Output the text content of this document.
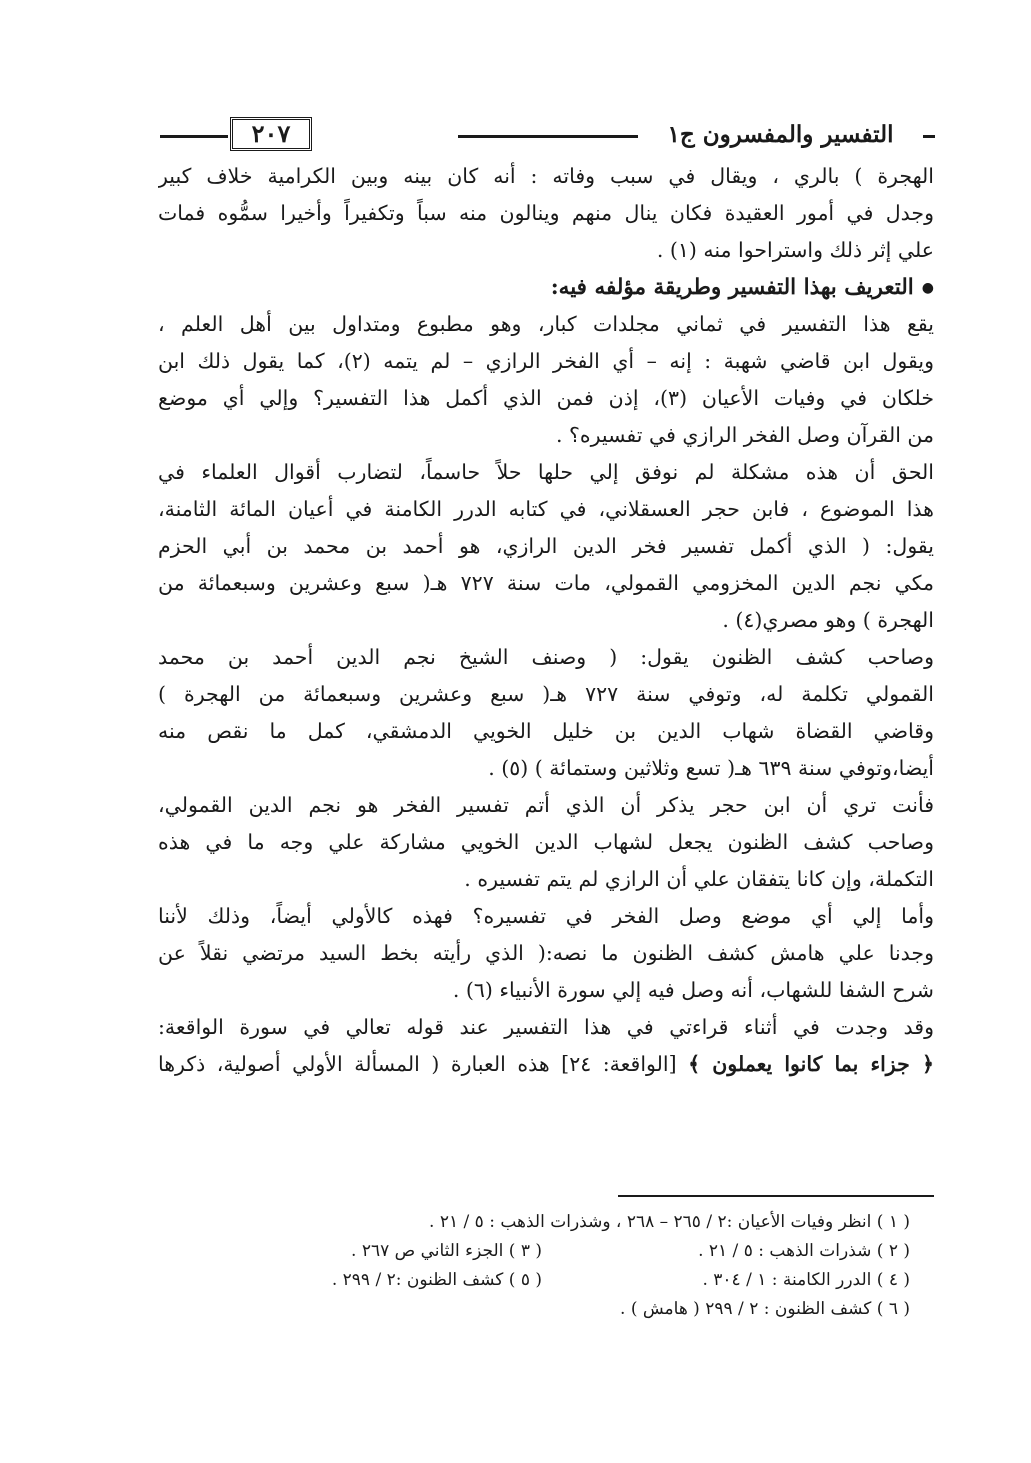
٢٠٧	التفسير والمفسرون ج١
الهجرة ) بالري ، ويقال في سبب وفاته : أنه كان بينه وبين الكرامية خلاف كبير
وجدل في أمور العقيدة فكان ينال منهم وينالون منه سباً وتكفيراً وأخيرا سمُّوه فمات
علي إثر ذلك واستراحوا منه (١) .
●التعريف بهذا التفسير وطريقة مؤلفه فيه:
يقع هذا التفسير في ثماني مجلدات كبار، وهو مطبوع ومتداول بين أهل العلم ،
ويقول ابن قاضي شهبة : إنه – أي الفخر الرازي – لم يتمه (٢)، كما يقول ذلك ابن
خلكان في وفيات الأعيان (٣)، إذن فمن الذي أكمل هذا التفسير؟ وإلي أي موضع
من القرآن وصل الفخر الرازي في تفسيره؟ .
الحق أن هذه مشكلة لم نوفق إلي حلها حلاً حاسماً، لتضارب أقوال العلماء في
هذا الموضوع ، فابن حجر العسقلاني، في كتابه الدرر الكامنة في أعيان المائة الثامنة،
يقول: ( الذي أكمل تفسير فخر الدين الرازي، هو أحمد بن محمد بن أبي الحزم
مكي نجم الدين المخزومي القمولي، مات سنة ٧٢٧ هـ( سبع وعشرين وسبعمائة من
الهجرة ) وهو مصري(٤) .
وصاحب كشف الظنون يقول: ( وصنف الشيخ نجم الدين أحمد بن محمد
القمولي تكلمة له، وتوفي سنة ٧٢٧ هـ( سبع وعشرين وسبعمائة من الهجرة )
وقاضي القضاة شهاب الدين بن خليل الخويي الدمشقي، كمل ما نقص منه
أيضا،وتوفي سنة ٦٣٩ هـ( تسع وثلاثين وستمائة ) (٥) .
فأنت تري أن ابن حجر يذكر أن الذي أتم تفسير الفخر هو نجم الدين القمولي،
وصاحب كشف الظنون يجعل لشهاب الدين الخويي مشاركة علي وجه ما في هذه
التكملة، وإن كانا يتفقان علي أن الرازي لم يتم تفسيره .
وأما إلي أي موضع وصل الفخر في تفسيره؟ فهذه كالأولي أيضاً، وذلك لأننا
وجدنا علي هامش كشف الظنون ما نصه:( الذي رأيته بخط السيد مرتضي نقلاً عن
شرح الشفا للشهاب، أنه وصل فيه إلي سورة الأنبياء (٦) .
وقد وجدت في أثناء قراءتي في هذا التفسير عند قوله تعالي في سورة الواقعة:
﴿ جزاء بما كانوا يعملون ﴾ [الواقعة: ٢٤] هذه العبارة ( المسألة الأولي أصولية، ذكرها
( ١ ) انظر وفيات الأعيان :٢ / ٢٦٥ – ٢٦٨ ، وشذرات الذهب : ٥ / ٢١ .
( ٢ ) شذرات الذهب : ٥ / ٢١ .( ٣ ) الجزء الثاني ص ٢٦٧ .
( ٤ ) الدرر الكامنة : ١ / ٣٠٤ .( ٥ ) كشف الظنون :٢ / ٢٩٩ .
( ٦ ) كشف الظنون : ٢ / ٢٩٩ ( هامش ) .
